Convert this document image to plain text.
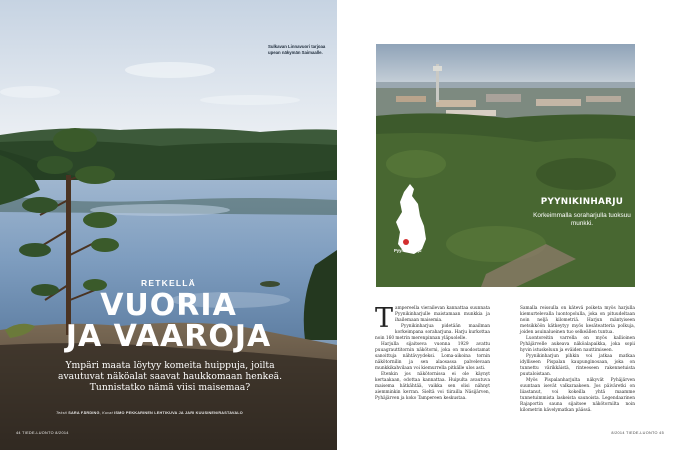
Sulkavan Linnavuori tarjoaa upean näkymän Saimaalle.
RETKELLÄ
VUORIA
JA VAAROJA
Ympäri maata löytyy komeita huippuja, joilta avautuvat näköalat saavat haukkomaan henkeä. Tunnistatko nämä viisi maisemaa?
Teksti SARA FÄRDING, Kuvat ISMO PEKKARINEN LEHTIKUVA JA JARI KUUSINEN/RASTAVALO
44 TIEDE-LUONTO 8/2014
Pyynikinharju
PYYNIKINHARJU
Korkeimmalla soraharjulla tuoksuu munkki.

Tampereella vierailevan kannattaa suunnata Pyynikinharjulle maistamaan munkkia ja ihailemaan maisemia.

Pyynikinharjua pidetään maailman korkeimpana soraharjuna. Harju kurkottaa noin 160 metrin merenpinnan yläpuolelle.

Harjulla sijaitseva vuonna 1929 avattu puuagrauttitornin näkötorni, joka on muodostamat sanoittuja nähtävyydeksi. Loma-aikoina tornin näkötornilin ja sen alaosassa palvelevaan munkkikahvilaan voi kiemurrella pitkälle ulos asti.

Etenkin jos näkötornissa ei ole käynyt kertaakaan, odottaa kannattaa. Huipulta avautuva maisema hätkähtää, vaikka sen olisi nähnyt aiemminkin kerran. Sieltä voi tiirailla Näsijärven, Pyhäjärven ja koko Tampereen keskustaa.

Samalla reissulla on kätevä poiketa myös harjulla kiemurtelevalla luontopolulla, joka on pituudeltaan noin neljä kilometriä. Harjun mäntyiseen metsikköön kätkeytyy myös kesäteatteria polkuja, joiden asuinalueinen tuo selkeällen tuntua.

Luontoreitin varrella on myös kallioinen Pyhäjärvelle aukeava näköalapaikka, joka sopii hyvin istuskeluun ja eväiden nauttimiseen.

Pyynikinharjun pihkin voi jatkaa matkaa idylliseen Pispalan kaupunginosaan, joka on tunnettu värikkäistä, rinteeseen rakennetuista puutaloistaan.

Myös Pispalanharjulta näkyvät Pyhäjärven suuntaan isevät valkaraakeen. Jos päiväretki on liiastanut, voi kokeilla yhtä maamme tunnetuimmista laskeista saunoista. Legendaarinen Rajaportin sauna sijaitsee näkötornilta noin kilometrin kävelymatkan päässä.

8/2014 TIEDE-LUONTO 45
